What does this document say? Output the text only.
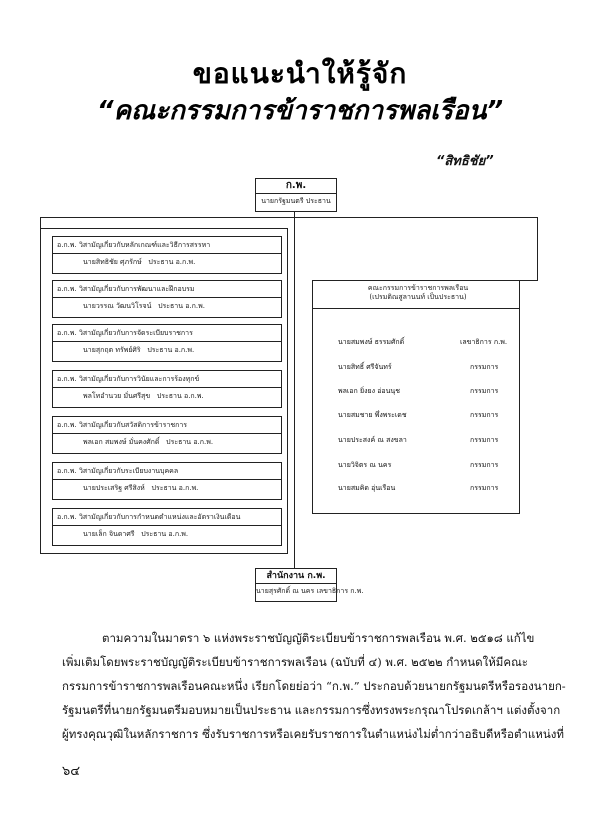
ขอแนะนำให้รู้จัก
“คณะกรรมการข้าราชการพลเรือน”
“สิทธิชัย”
ก.พ.
นายกรัฐมนตรี ประธาน
อ.ก.พ. วิสามัญเกี่ยวกับหลักเกณฑ์และวิธีการสรรหา
นายสิทธิชัย ศุภรักษ์ ประธาน อ.ก.พ.
อ.ก.พ. วิสามัญเกี่ยวกับการพัฒนาและฝึกอบรม
นายวรรณ วัฒนวิโรจน์ ประธาน อ.ก.พ.
อ.ก.พ. วิสามัญเกี่ยวกับการจัดระเบียบราชการ
นายสุกฤต ทรัพย์ศิริ ประธาน อ.ก.พ.
อ.ก.พ. วิสามัญเกี่ยวกับการวินัยและการร้องทุกข์
พลโทอำนวย มั่นศรีสุข ประธาน อ.ก.พ.
อ.ก.พ. วิสามัญเกี่ยวกับสวัสดิการข้าราชการ
พลเอก สมพงษ์ มั่นคงศักดิ์ ประธาน อ.ก.พ.
อ.ก.พ. วิสามัญเกี่ยวกับระเบียบงานบุคคล
นายประเสริฐ ศรีสิงห์ ประธาน อ.ก.พ.
อ.ก.พ. วิสามัญเกี่ยวกับการกำหนดตำแหน่งและอัตราเงินเดือน
นายเล็ก จินดาศรี ประธาน อ.ก.พ.
คณะกรรมการข้าราชการพลเรือน
(เปรมติณสูลานนท์ เป็นประธาน)
นายสมพงษ์ ธรรมศักดิ์	เลขาธิการ ก.พ.
นายสิทธิ์ ศรีจันทร์	กรรมการ
พลเอก ยิ่งยง อ่อนนุช	กรรมการ
นายสมชาย พึ่งพระเดช	กรรมการ
นายประสงค์ ณ สงขลา	กรรมการ
นายวิจิตร ณ นคร	กรรมการ
นายสมคิด อุ่นเรือน	กรรมการ
สำนักงาน ก.พ.
นายสุรศักดิ์ ณ นคร เลขาธิการ ก.พ.
ตามความในมาตรา ๖ แห่งพระราชบัญญัติระเบียบข้าราชการพลเรือน พ.ศ. ๒๕๑๘ แก้ไข
เพิ่มเติมโดยพระราชบัญญัติระเบียบข้าราชการพลเรือน (ฉบับที่ ๔) พ.ศ. ๒๕๒๒ กำหนดให้มีคณะ
กรรมการข้าราชการพลเรือนคณะหนึ่ง เรียกโดยย่อว่า “ก.พ.” ประกอบด้วยนายกรัฐมนตรีหรือรองนายก-
รัฐมนตรีที่นายกรัฐมนตรีมอบหมายเป็นประธาน และกรรมการซึ่งทรงพระกรุณาโปรดเกล้าฯ แต่งตั้งจาก
ผู้ทรงคุณวุฒิในหลักราชการ ซึ่งรับราชการหรือเคยรับราชการในตำแหน่งไม่ต่ำกว่าอธิบดีหรือตำแหน่งที่
๖๔
